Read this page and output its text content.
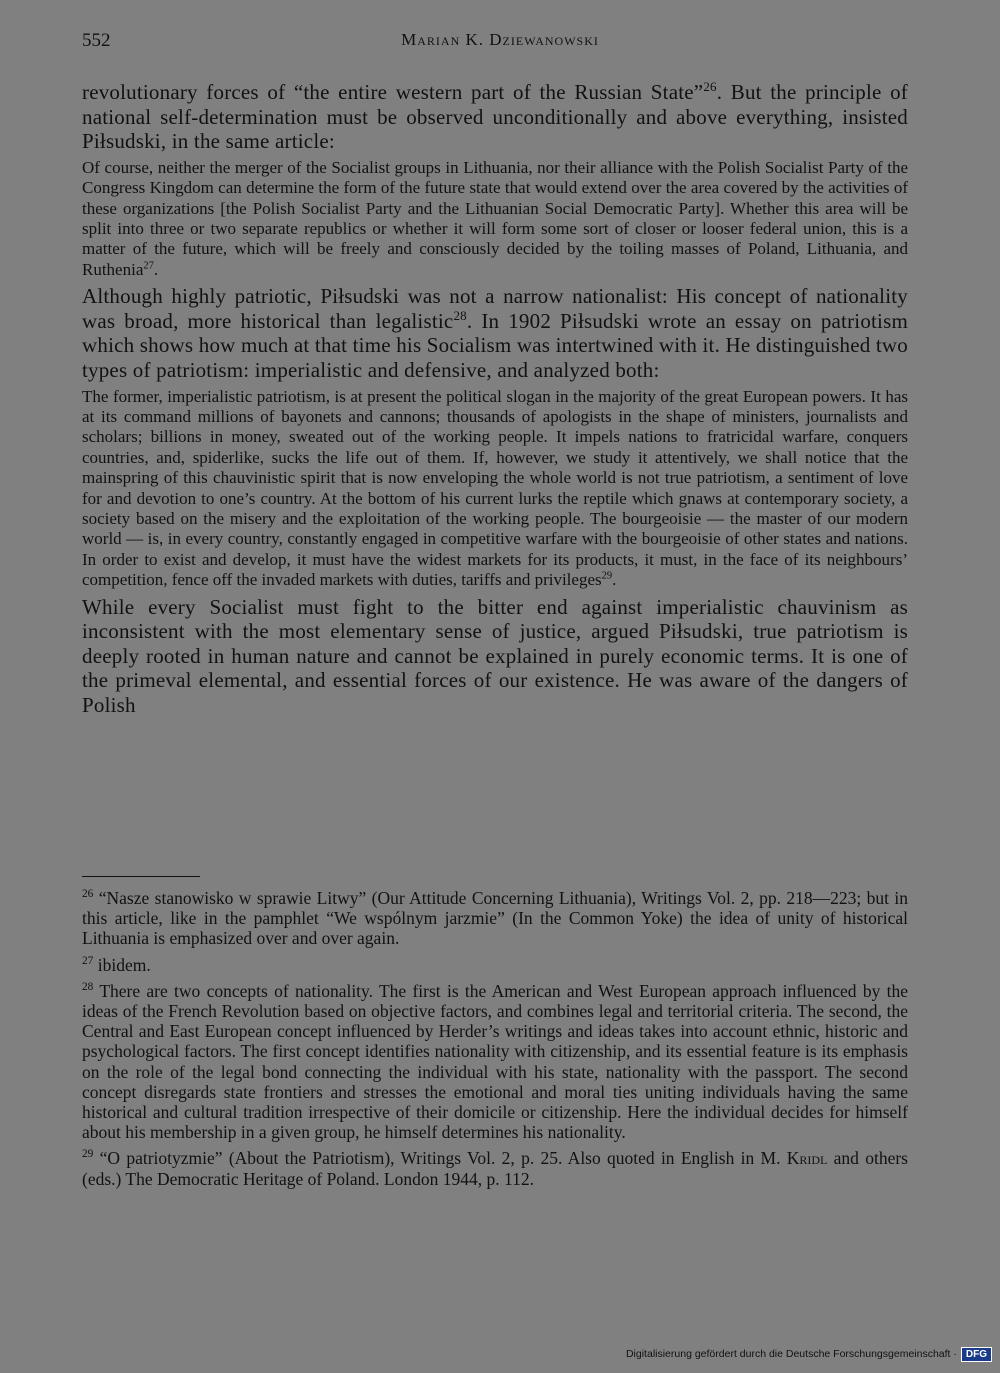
552	Marian K. Dziewanowski

revolutionary forces of “the entire western part of the Russian State”$^{26}$. But the principle of national self-determination must be observed unconditionally and above everything, insisted Piłsudski, in the same article:

Of course, neither the merger of the Socialist groups in Lithuania, nor their alliance with the Polish Socialist Party of the Congress Kingdom can determine the form of the future state that would extend over the area covered by the activities of these organizations [the Polish Socialist Party and the Lithuanian Social Democratic Party]. Whether this area will be split into three or two separate republics or whether it will form some sort of closer or looser federal union, this is a matter of the future, which will be freely and consciously decided by the toiling masses of Poland, Lithuania, and Ruthenia$^{27}$.

Although highly patriotic, Piłsudski was not a narrow nationalist: His concept of nationality was broad, more historical than legalistic$^{28}$. In 1902 Piłsudski wrote an essay on patriotism which shows how much at that time his Socialism was intertwined with it. He distinguished two types of patriotism: imperialistic and defensive, and analyzed both:

The former, imperialistic patriotism, is at present the political slogan in the majority of the great European powers. It has at its command millions of bayonets and cannons; thousands of apologists in the shape of ministers, journalists and scholars; billions in money, sweated out of the working people. It impels nations to fratricidal warfare, conquers countries, and, spiderlike, sucks the life out of them. If, however, we study it attentively, we shall notice that the mainspring of this chauvinistic spirit that is now enveloping the whole world is not true patriotism, a sentiment of love for and devotion to one’s country. At the bottom of his current lurks the reptile which gnaws at contemporary society, a society based on the misery and the exploitation of the working people. The bourgeoisie — the master of our modern world — is, in every country, constantly engaged in competitive warfare with the bourgeoisie of other states and nations. In order to exist and develop, it must have the widest markets for its products, it must, in the face of its neighbours’ competition, fence off the invaded markets with duties, tariffs and privileges$^{29}$.

While every Socialist must fight to the bitter end against imperialistic chauvinism as inconsistent with the most elementary sense of justice, argued Piłsudski, true patriotism is deeply rooted in human nature and cannot be explained in purely economic terms. It is one of the primeval elemental, and essential forces of our existence. He was aware of the dangers of Polish

$^{26}$ “Nasze stanowisko w sprawie Litwy” (Our Attitude Concerning Lithuania), Writings Vol. 2, pp. 218—223; but in this article, like in the pamphlet “We wspólnym jarzmie” (In the Common Yoke) the idea of unity of historical Lithuania is emphasized over and over again.

$^{27}$ ibidem.

$^{28}$ There are two concepts of nationality. The first is the American and West European approach influenced by the ideas of the French Revolution based on objective factors, and combines legal and territorial criteria. The second, the Central and East European concept influenced by Herder’s writings and ideas takes into account ethnic, historic and psychological factors. The first concept identifies nationality with citizenship, and its essential feature is its emphasis on the role of the legal bond connecting the individual with his state, nationality with the passport. The second concept disregards state frontiers and stresses the emotional and moral ties uniting individuals having the same historical and cultural tradition irrespective of their domicile or citizenship. Here the individual decides for himself about his membership in a given group, he himself determines his nationality.

$^{29}$ “O patriotyzmie” (About the Patriotism), Writings Vol. 2, p. 25. Also quoted in English in M. Kridl and others (eds.) The Democratic Heritage of Poland. London 1944, p. 112.

Digitalisierung gefördert durch die Deutsche Forschungsgemeinschaft · DFG
